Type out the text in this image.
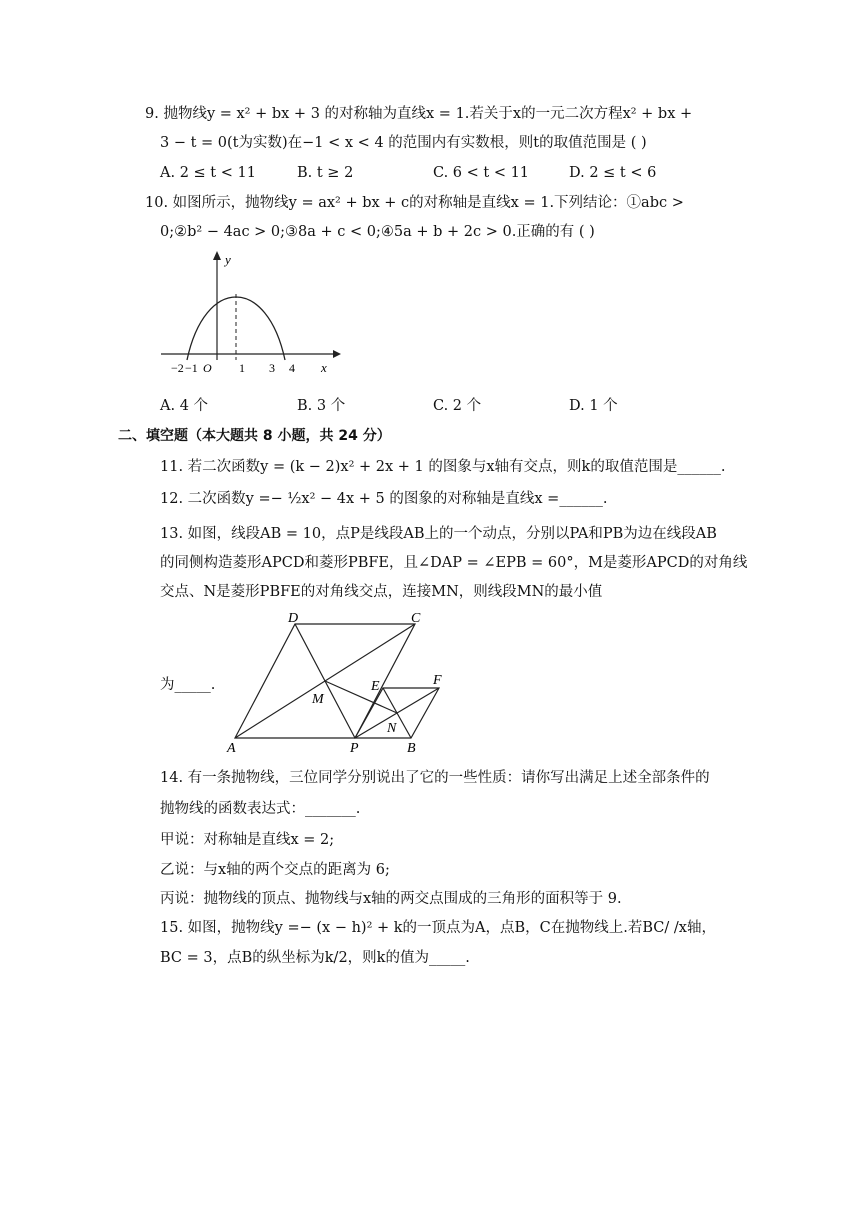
9. 抛物线y = x² + bx + 3 的对称轴为直线x = 1.若关于x的一元二次方程x² + bx +
3 − t = 0(t为实数)在−1 < x < 4 的范围内有实数根，则t的取值范围是 ( )
A. 2 ≤ t < 11	B. t ≥ 2	C. 6 < t < 11	D. 2 ≤ t < 6
10. 如图所示，抛物线y = ax² + bx + c的对称轴是直线x = 1.下列结论：①abc >
0;②b² − 4ac > 0;③8a + c < 0;④5a + b + 2c > 0.正确的有 ( )
−2 −1 O 1 3 4
y
x
A. 4 个	B. 3 个	C. 2 个	D. 1 个
二、填空题（本大题共 8 小题，共 24 分）
11. 若二次函数y = (k − 2)x² + 2x + 1 的图象与x轴有交点，则k的取值范围是______.
12. 二次函数y =− ½x² − 4x + 5 的图象的对称轴是直线x =______.
13. 如图，线段AB = 10，点P是线段AB上的一个动点，分别以PA和PB为边在线段AB
的同侧构造菱形APCD和菱形PBFE，且∠DAP = ∠EPB = 60°，M是菱形APCD的对角线
交点、N是菱形PBFE的对角线交点，连接MN，则线段MN的最小值
为_____.
A	P	B
C
D
E	F
M
N
14. 有一条抛物线，三位同学分别说出了它的一些性质：请你写出满足上述全部条件的
抛物线的函数表达式：_______.
甲说：对称轴是直线x = 2;
乙说：与x轴的两个交点的距离为 6;
丙说：抛物线的顶点、抛物线与x轴的两交点围成的三角形的面积等于 9.
15. 如图，抛物线y =− (x − h)² + k的一顶点为A，点B，C在抛物线上.若BC/ /x轴，
BC = 3，点B的纵坐标为k/2，则k的值为_____.
